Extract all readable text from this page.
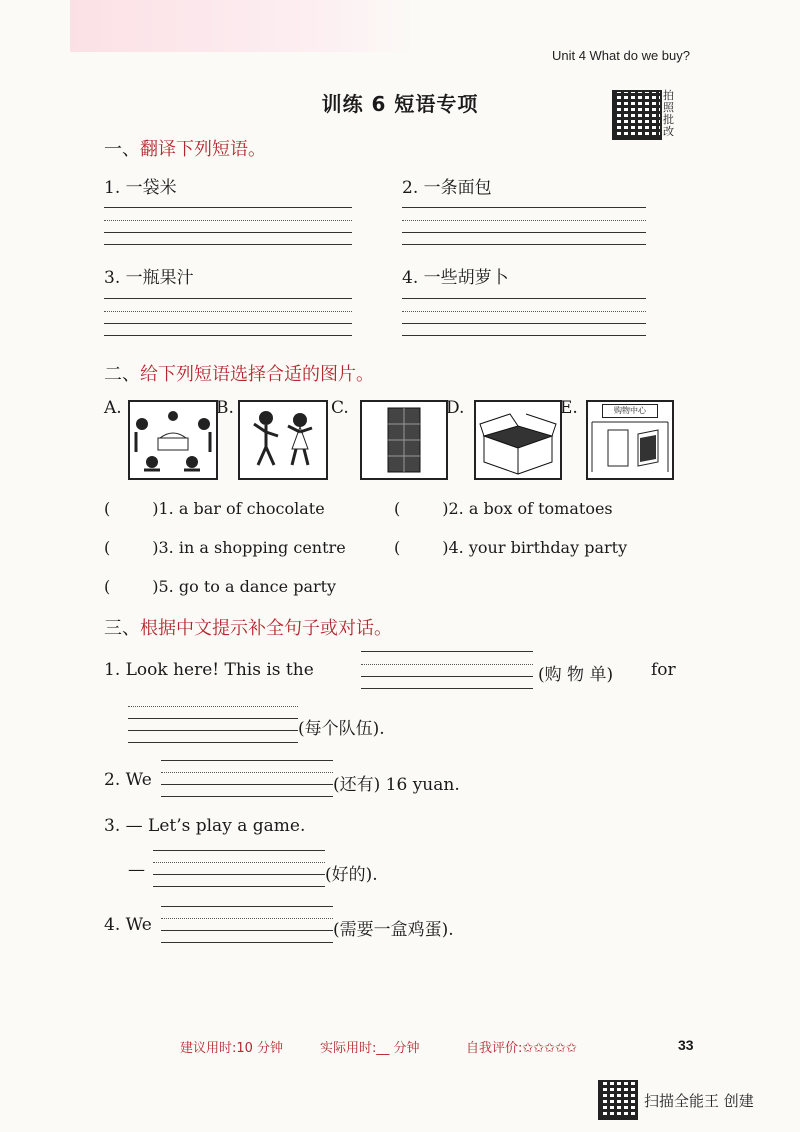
Unit 4 What do we buy?
训练 6 短语专项	拍
照
批
改
一、翻译下列短语。
1. 一袋米	2. 一条面包
3. 一瓶果汁	4. 一些胡萝卜
二、给下列短语选择合适的图片。
A.	B.	C.	D.	E.	购物中心
(	)1. a bar of chocolate	(	)2. a box of tomatoes
(	)3. in a shopping centre	(	)4. your birthday party
(	)5. go to a dance party
三、根据中文提示补全句子或对话。
1. Look here! This is the	(购 物 单) for
(每个队伍).
2. We	(还有) 16 yuan.
3. — Let’s play a game.
—	(好的).
4. We	(需要一盒鸡蛋).
建议用时:10 分钟	实际用时:__ 分钟	自我评价:✩✩✩✩✩	33
扫描全能王 创建
